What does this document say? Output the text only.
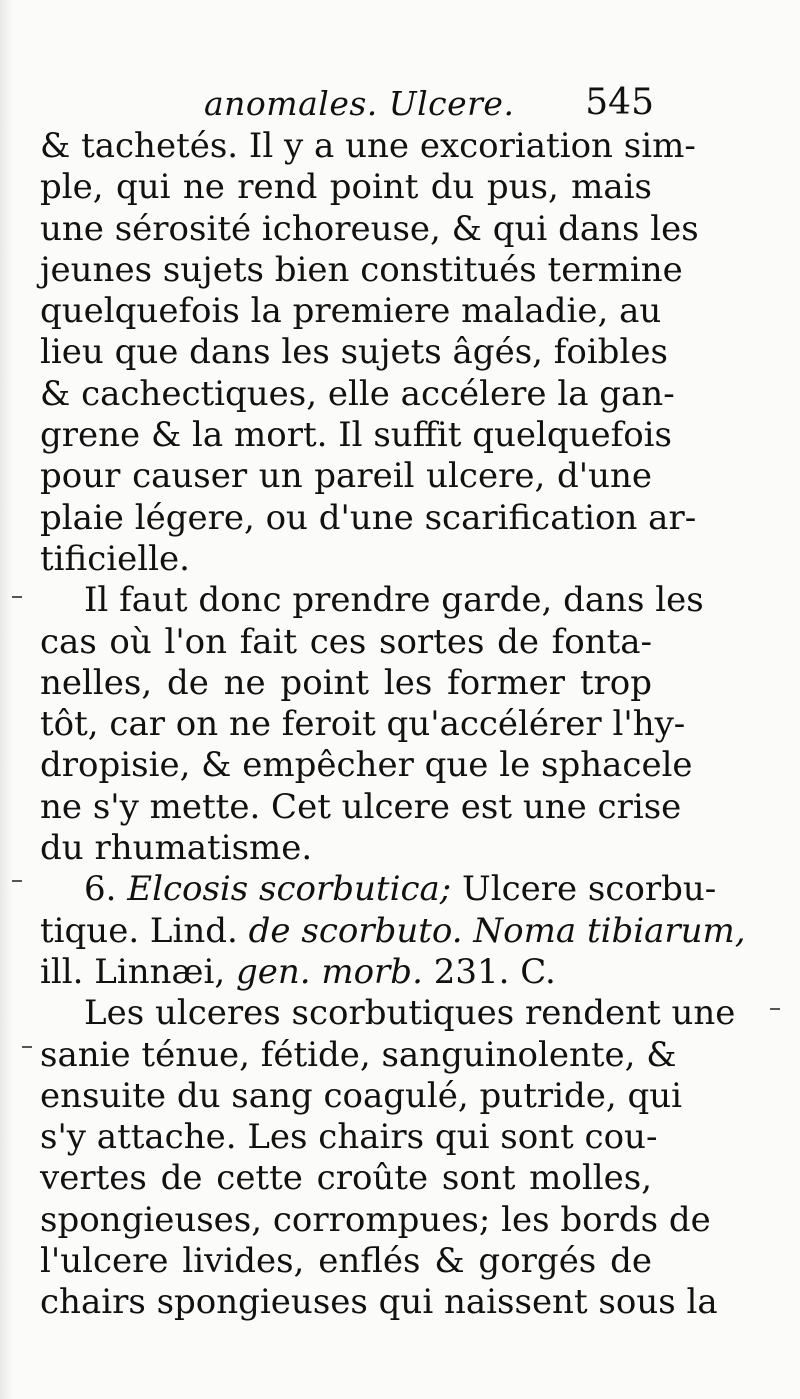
anomales. Ulcere. 545
& tachetés. Il y a une excoriation sim-
ple, qui ne rend point du pus, mais
une sérosité ichoreuse, & qui dans les
jeunes sujets bien constitués termine
quelquefois la premiere maladie, au
lieu que dans les sujets âgés, foibles
& cachectiques, elle accélere la gan-
grene & la mort. Il suffit quelquefois
pour causer un pareil ulcere, d'une
plaie légere, ou d'une scarification ar-
tificielle.
Il faut donc prendre garde, dans les
cas où l'on fait ces sortes de fonta-
nelles, de ne point les former trop
tôt, car on ne feroit qu'accélérer l'hy-
dropisie, & empêcher que le sphacele
ne s'y mette. Cet ulcere est une crise
du rhumatisme.
6. Elcosis scorbutica; Ulcere scorbu-
tique. Lind. de scorbuto. Noma tibiarum,
ill. Linnæi, gen. morb. 231. C.
Les ulceres scorbutiques rendent une
sanie ténue, fétide, sanguinolente, &
ensuite du sang coagulé, putride, qui
s'y attache. Les chairs qui sont cou-
vertes de cette croûte sont molles,
spongieuses, corrompues; les bords de
l'ulcere livides, enflés & gorgés de
chairs spongieuses qui naissent sous la
